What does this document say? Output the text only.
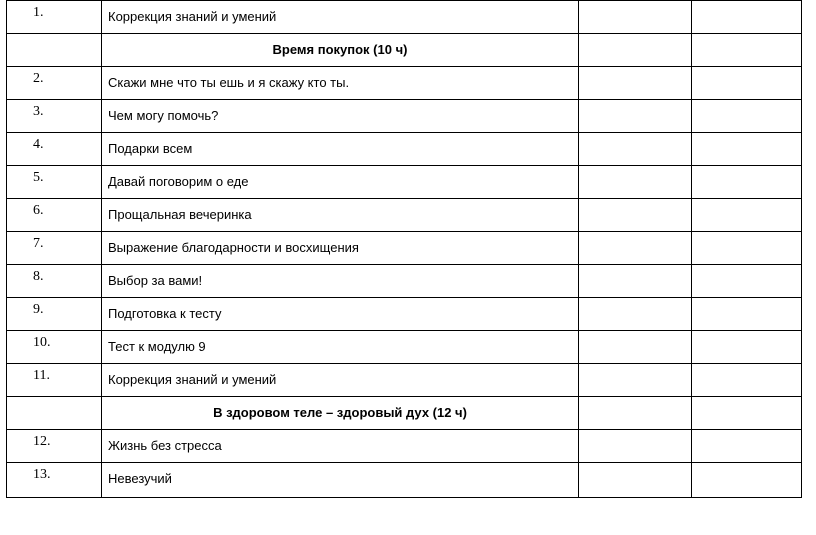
1.	Коррекция знаний и умений		
	Время покупок (10 ч)		
2.	Скажи мне что ты ешь и я скажу кто ты.		
3.	Чем могу помочь?		
4.	Подарки всем		
5.	Давай поговорим о еде		
6.	Прощальная вечеринка		
7.	Выражение благодарности и восхищения		
8.	Выбор за вами!		
9.	Подготовка к тесту		
10.	Тест к модулю 9		
11.	Коррекция знаний и умений		
	В здоровом теле – здоровый дух (12 ч)		
12.	Жизнь без стресса		
13.	Невезучий		
